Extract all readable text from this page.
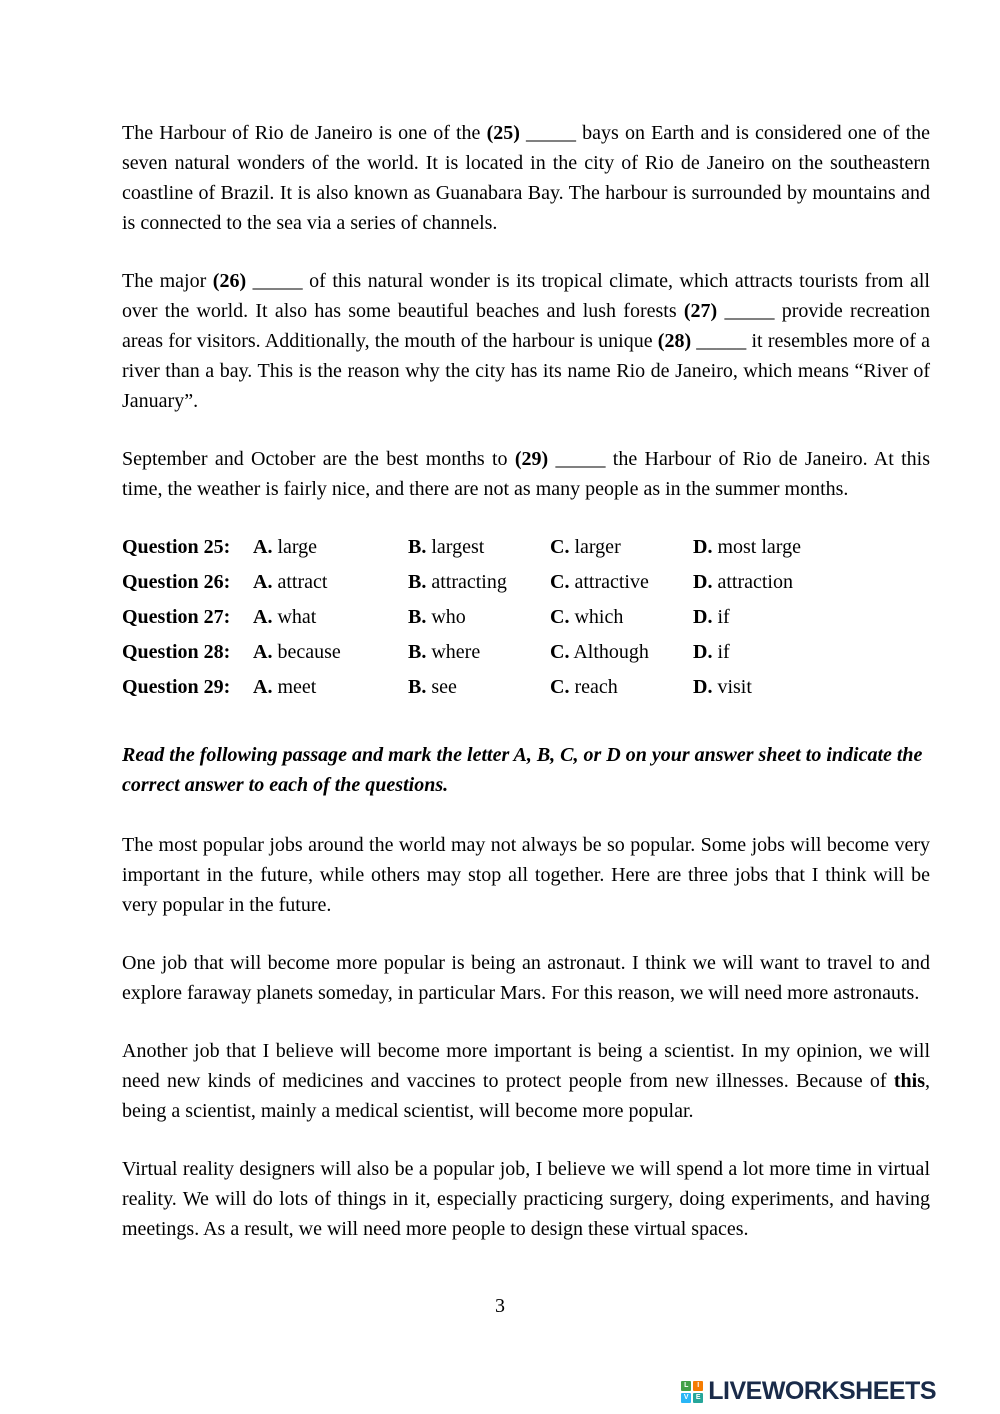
The Harbour of Rio de Janeiro is one of the (25) _____ bays on Earth and is considered one of the seven natural wonders of the world. It is located in the city of Rio de Janeiro on the southeastern coastline of Brazil. It is also known as Guanabara Bay. The harbour is surrounded by mountains and is connected to the sea via a series of channels.

The major (26) _____ of this natural wonder is its tropical climate, which attracts tourists from all over the world. It also has some beautiful beaches and lush forests (27) _____ provide recreation areas for visitors. Additionally, the mouth of the harbour is unique (28) _____ it resembles more of a river than a bay. This is the reason why the city has its name Rio de Janeiro, which means “River of January”.

September and October are the best months to (29) _____ the Harbour of Rio de Janeiro. At this time, the weather is fairly nice, and there are not as many people as in the summer months.

Question 25:	A. large	B. largest	C. larger	D. most large
Question 26:	A. attract	B. attracting	C. attractive	D. attraction
Question 27:	A. what	B. who	C. which	D. if
Question 28:	A. because	B. where	C. Although	D. if
Question 29:	A. meet	B. see	C. reach	D. visit

Read the following passage and mark the letter A, B, C, or D on your answer sheet to indicate the correct answer to each of the questions.

The most popular jobs around the world may not always be so popular. Some jobs will become very important in the future, while others may stop all together. Here are three jobs that I think will be very popular in the future.

One job that will become more popular is being an astronaut. I think we will want to travel to and explore faraway planets someday, in particular Mars. For this reason, we will need more astronauts.

Another job that I believe will become more important is being a scientist. In my opinion, we will need new kinds of medicines and vaccines to protect people from new illnesses. Because of this, being a scientist, mainly a medical scientist, will become more popular.

Virtual reality designers will also be a popular job, I believe we will spend a lot more time in virtual reality. We will do lots of things in it, especially practicing surgery, doing experiments, and having meetings. As a result, we will need more people to design these virtual spaces.

3
L	I
V	E LIVEWORKSHEETS
